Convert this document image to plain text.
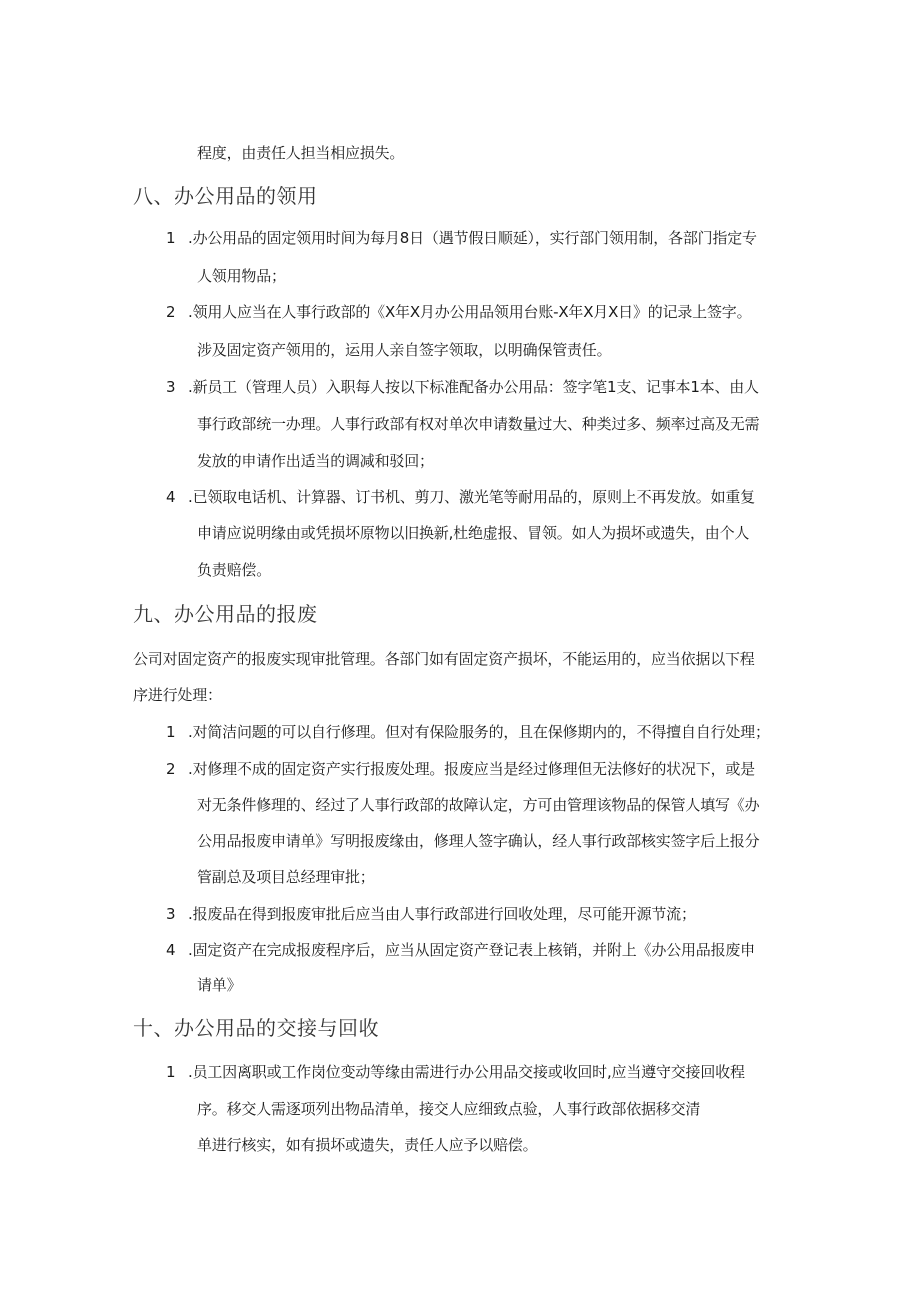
程度，由责任人担当相应损失。
八、办公用品的领用
1 .办公用品的固定领用时间为每月8日（遇节假日顺延），实行部门领用制，各部门指定专
人领用物品；
2 .领用人应当在人事行政部的《X年X月办公用品领用台账-X年X月X日》的记录上签字。
涉及固定资产领用的，运用人亲自签字领取，以明确保管责任。
3 .新员工（管理人员）入职每人按以下标准配备办公用品：签字笔1支、记事本1本、由人
事行政部统一办理。人事行政部有权对单次申请数量过大、种类过多、频率过高及无需
发放的申请作出适当的调减和驳回；
4 .已领取电话机、计算器、订书机、剪刀、激光笔等耐用品的，原则上不再发放。如重复
申请应说明缘由或凭损坏原物以旧换新,杜绝虚报、冒领。如人为损坏或遗失，由个人
负责赔偿。
九、办公用品的报废
公司对固定资产的报废实现审批管理。各部门如有固定资产损坏，不能运用的，应当依据以下程
序进行处理：
1 .对简洁问题的可以自行修理。但对有保险服务的，且在保修期内的，不得擅自自行处理；
2 .对修理不成的固定资产实行报废处理。报废应当是经过修理但无法修好的状况下，或是
对无条件修理的、经过了人事行政部的故障认定，方可由管理该物品的保管人填写《办
公用品报废申请单》写明报废缘由，修理人签字确认，经人事行政部核实签字后上报分
管副总及项目总经理审批；
3 .报废品在得到报废审批后应当由人事行政部进行回收处理，尽可能开源节流；
4 .固定资产在完成报废程序后，应当从固定资产登记表上核销，并附上《办公用品报废申
请单》
十、办公用品的交接与回收
1 .员工因离职或工作岗位变动等缘由需进行办公用品交接或收回时,应当遵守交接回收程
序。移交人需逐项列出物品清单，接交人应细致点验，人事行政部依据移交清
单进行核实，如有损坏或遗失，责任人应予以赔偿。
